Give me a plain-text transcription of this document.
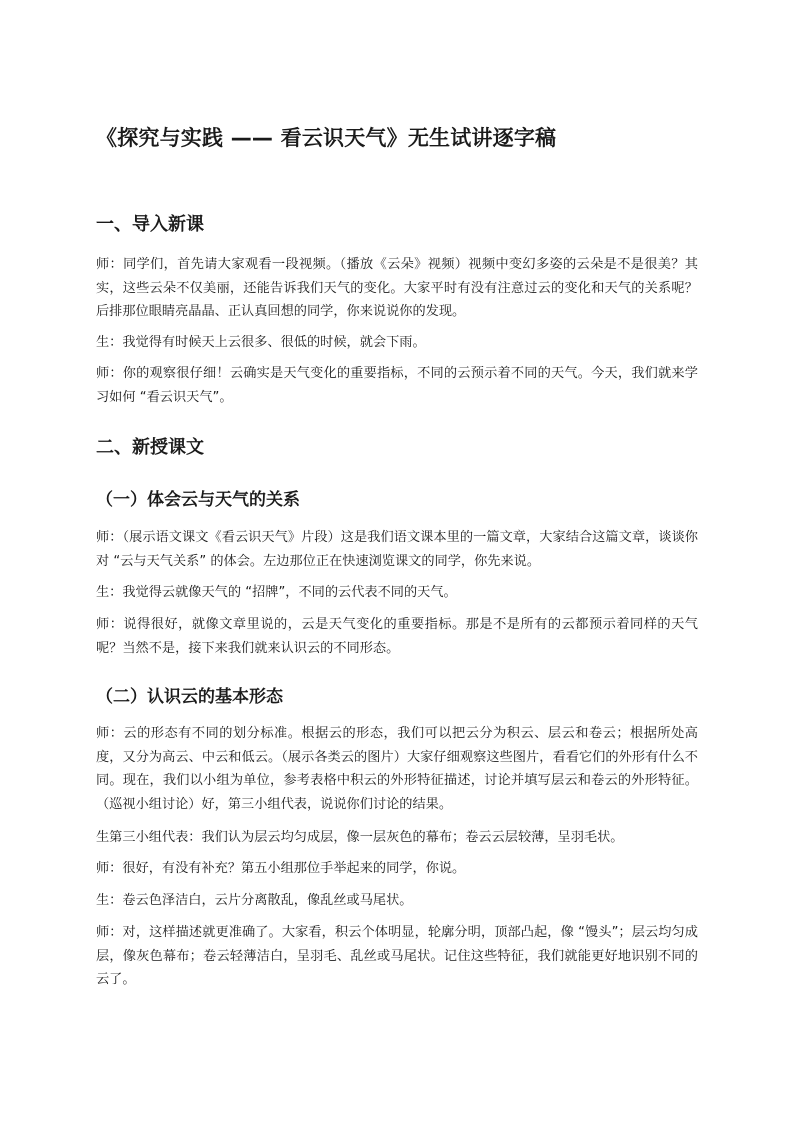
《探究与实践 —— 看云识天气》无生试讲逐字稿
一、导入新课
师：同学们，首先请大家观看一段视频。（播放《云朵》视频）视频中变幻多姿的云朵是不是很美？其实，这些云朵不仅美丽，还能告诉我们天气的变化。大家平时有没有注意过云的变化和天气的关系呢？后排那位眼睛亮晶晶、正认真回想的同学，你来说说你的发现。
生：我觉得有时候天上云很多、很低的时候，就会下雨。
师：你的观察很仔细！云确实是天气变化的重要指标，不同的云预示着不同的天气。今天，我们就来学习如何 “看云识天气”。
二、新授课文
（一）体会云与天气的关系
师：（展示语文课文《看云识天气》片段）这是我们语文课本里的一篇文章，大家结合这篇文章，谈谈你对 “云与天气关系” 的体会。左边那位正在快速浏览课文的同学，你先来说。
生：我觉得云就像天气的 “招牌”，不同的云代表不同的天气。
师：说得很好，就像文章里说的，云是天气变化的重要指标。那是不是所有的云都预示着同样的天气呢？当然不是，接下来我们就来认识云的不同形态。
（二）认识云的基本形态
师：云的形态有不同的划分标准。根据云的形态，我们可以把云分为积云、层云和卷云；根据所处高度，又分为高云、中云和低云。（展示各类云的图片）大家仔细观察这些图片，看看它们的外形有什么不同。现在，我们以小组为单位，参考表格中积云的外形特征描述，讨论并填写层云和卷云的外形特征。（巡视小组讨论）好，第三小组代表，说说你们讨论的结果。
生第三小组代表：我们认为层云均匀成层，像一层灰色的幕布；卷云云层较薄，呈羽毛状。
师：很好，有没有补充？第五小组那位手举起来的同学，你说。
生：卷云色泽洁白，云片分离散乱，像乱丝或马尾状。
师：对，这样描述就更准确了。大家看，积云个体明显，轮廓分明，顶部凸起，像 “馒头”；层云均匀成层，像灰色幕布；卷云轻薄洁白，呈羽毛、乱丝或马尾状。记住这些特征，我们就能更好地识别不同的云了。
